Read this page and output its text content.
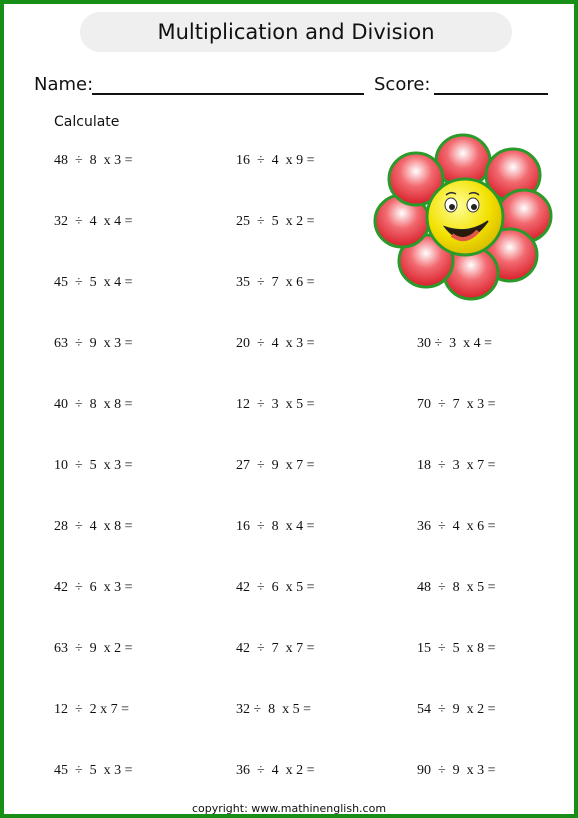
Multiplication and Division
Name:	Score:
Calculate
48  ÷  8  x 3 =
32  ÷  4  x 4 =
45  ÷  5  x 4 =
63  ÷  9  x 3 =
40  ÷  8  x 8 =
10  ÷  5  x 3 =
28  ÷  4  x 8 =
42  ÷  6  x 3 =
63  ÷  9  x 2 =
12  ÷  2 x 7 =
45  ÷  5  x 3 =
16  ÷  4  x 9 =
25  ÷  5  x 2 =
35  ÷  7  x 6 =
20  ÷  4  x 3 =
12  ÷  3  x 5 =
27  ÷  9  x 7 =
16  ÷  8  x 4 =
42  ÷  6  x 5 =
42  ÷  7  x 7 =
32 ÷  8  x 5 =
36  ÷  4  x 2 =
30 ÷  3  x 4 =
70  ÷  7  x 3 =
18  ÷  3  x 7 =
36  ÷  4  x 6 =
48  ÷  8  x 5 =
15  ÷  5  x 8 =
54  ÷  9  x 2 =
90  ÷  9  x 3 =
copyright: www.mathinenglish.com
